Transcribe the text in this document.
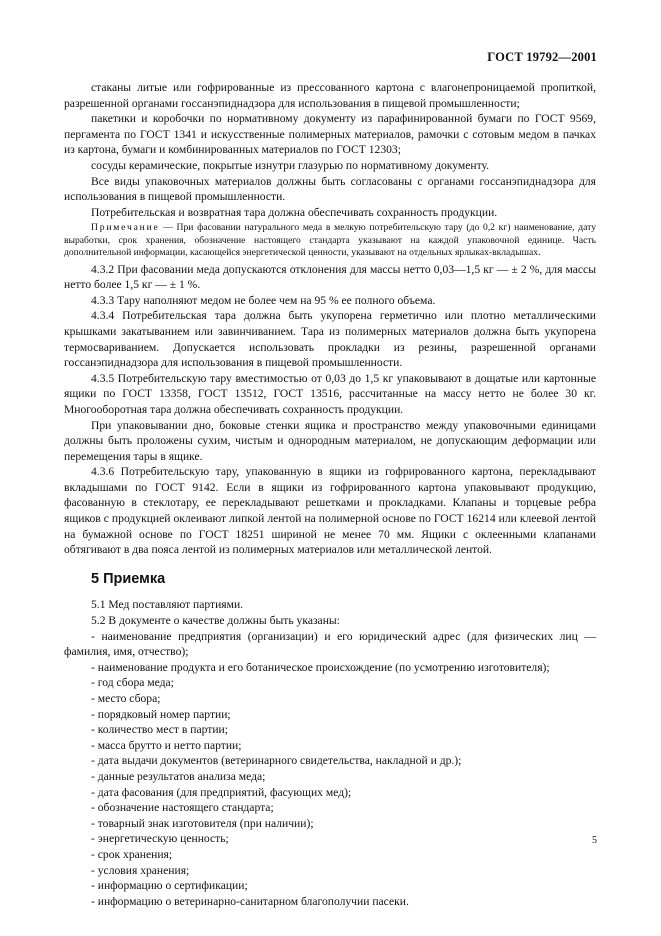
ГОСТ 19792—2001

стаканы литые или гофрированные из прессованного картона с влагонепроницаемой пропиткой, разрешенной органами госсанэпиднадзора для использования в пищевой промышленности;

пакетики и коробочки по нормативному документу из парафинированной бумаги по ГОСТ 9569, пергамента по ГОСТ 1341 и искусственные полимерных материалов, рамочки с сотовым медом в пачках из картона, бумаги и комбинированных материалов по ГОСТ 12303;

сосуды керамические, покрытые изнутри глазурью по нормативному документу.

Все виды упаковочных материалов должны быть согласованы с органами госсанэпиднадзора для использования в пищевой промышленности.

Потребительская и возвратная тара должна обеспечивать сохранность продукции.

Примечание — При фасовании натурального меда в мелкую потребительскую тару (до 0,2 кг) наименование, дату выработки, срок хранения, обозначение настоящего стандарта указывают на каждой упаковочной единице. Часть дополнительной информации, касающейся энергетической ценности, указывают на отдельных ярлыках-вкладышах.

4.3.2 При фасовании меда допускаются отклонения для массы нетто 0,03—1,5 кг — ± 2 %, для массы нетто более 1,5 кг — ± 1 %.

4.3.3 Тару наполняют медом не более чем на 95 % ее полного объема.

4.3.4 Потребительская тара должна быть укупорена герметично или плотно металлическими крышками закатыванием или завинчиванием. Тара из полимерных материалов должна быть укупорена термосвариванием. Допускается использовать прокладки из резины, разрешенной органами госсанэпиднадзора для использования в пищевой промышленности.

4.3.5 Потребительскую тару вместимостью от 0,03 до 1,5 кг упаковывают в дощатые или картонные ящики по ГОСТ 13358, ГОСТ 13512, ГОСТ 13516, рассчитанные на массу нетто не более 30 кг. Многооборотная тара должна обеспечивать сохранность продукции.

При упаковывании дно, боковые стенки ящика и пространство между упаковочными единицами должны быть проложены сухим, чистым и однородным материалом, не допускающим деформации или перемещения тары в ящике.

4.3.6 Потребительскую тару, упакованную в ящики из гофрированного картона, перекладывают вкладышами по ГОСТ 9142. Если в ящики из гофрированного картона упаковывают продукцию, фасованную в стеклотару, ее перекладывают решетками и прокладками. Клапаны и торцевые ребра ящиков с продукцией оклеивают липкой лентой на полимерной основе по ГОСТ 16214 или клеевой лентой на бумажной основе по ГОСТ 18251 шириной не менее 70 мм. Ящики с оклеенными клапанами обтягивают в два пояса лентой из полимерных материалов или металлической лентой.

5 Приемка

5.1 Мед поставляют партиями.

5.2 В документе о качестве должны быть указаны:

- наименование предприятия (организации) и его юридический адрес (для физических лиц — фамилия, имя, отчество);
- наименование продукта и его ботаническое происхождение (по усмотрению изготовителя);
- год сбора меда;
- место сбора;
- порядковый номер партии;
- количество мест в партии;
- масса брутто и нетто партии;
- дата выдачи документов (ветеринарного свидетельства, накладной и др.);
- данные результатов анализа меда;
- дата фасования (для предприятий, фасующих мед);
- обозначение настоящего стандарта;
- товарный знак изготовителя (при наличии);
- энергетическую ценность;
- срок хранения;
- условия хранения;
- информацию о сертификации;
- информацию о ветеринарно-санитарном благополучии пасеки.
5
